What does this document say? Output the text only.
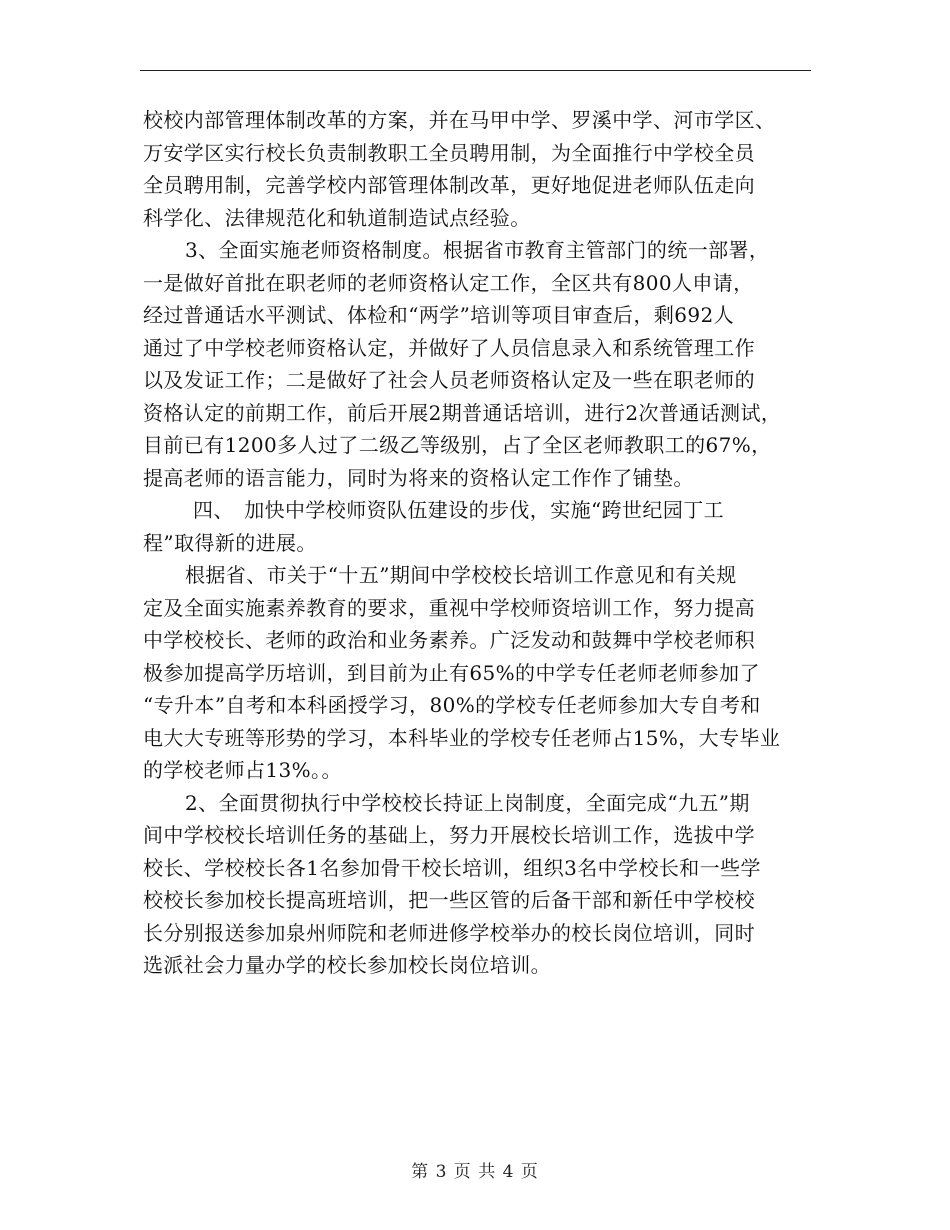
校校内部管理体制改革的方案，并在马甲中学、罗溪中学、河市学区、
万安学区实行校长负责制教职工全员聘用制，为全面推行中学校全员
全员聘用制，完善学校内部管理体制改革，更好地促进老师队伍走向
科学化、法律规范化和轨道制造试点经验。
3、全面实施老师资格制度。根据省市教育主管部门的统一部署，
一是做好首批在职老师的老师资格认定工作，全区共有800人申请，
经过普通话水平测试、体检和“两学”培训等项目审查后，剩692人
通过了中学校老师资格认定，并做好了人员信息录入和系统管理工作
以及发证工作；二是做好了社会人员老师资格认定及一些在职老师的
资格认定的前期工作，前后开展2期普通话培训，进行2次普通话测试，
目前已有1200多人过了二级乙等级别，占了全区老师教职工的67%，
提高老师的语言能力，同时为将来的资格认定工作作了铺垫。
四、　加快中学校师资队伍建设的步伐，实施“跨世纪园丁工
程”取得新的进展。
根据省、市关于“十五”期间中学校校长培训工作意见和有关规
定及全面实施素养教育的要求，重视中学校师资培训工作，努力提高
中学校校长、老师的政治和业务素养。广泛发动和鼓舞中学校老师积
极参加提高学历培训，到目前为止有65%的中学专任老师老师参加了
“专升本”自考和本科函授学习，80%的学校专任老师参加大专自考和
电大大专班等形势的学习，本科毕业的学校专任老师占15%，大专毕业
的学校老师占13%。。
2、全面贯彻执行中学校校长持证上岗制度，全面完成“九五”期
间中学校校长培训任务的基础上，努力开展校长培训工作，选拔中学
校长、学校校长各1名参加骨干校长培训，组织3名中学校长和一些学
校校长参加校长提高班培训，把一些区管的后备干部和新任中学校校
长分别报送参加泉州师院和老师进修学校举办的校长岗位培训，同时
选派社会力量办学的校长参加校长岗位培训。
第 3 页 共 4 页
